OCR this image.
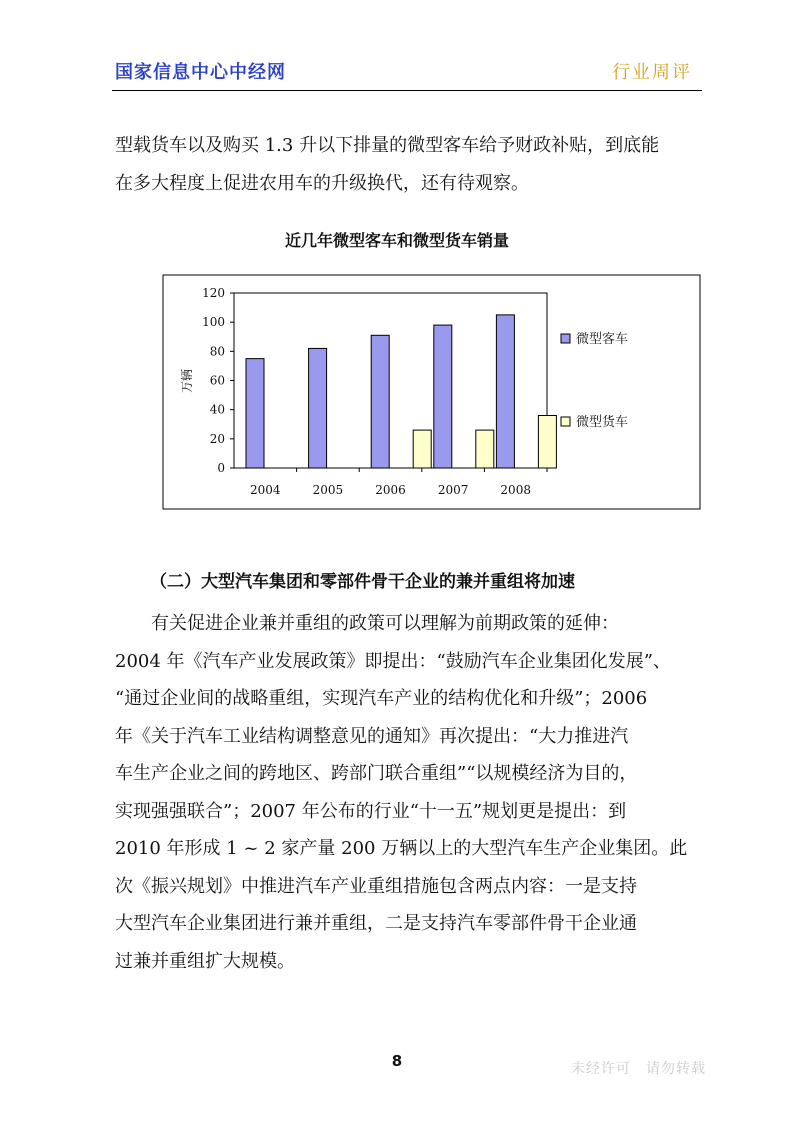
国家信息中心中经网	行业周评
型载货车以及购买 1.3 升以下排量的微型客车给予财政补贴，到底能
在多大程度上促进农用车的升级换代，还有待观察。
近几年微型客车和微型货车销量
0
20
40
60
80
100
120
万辆
2004	2005	2006	2007	2008
微型客车
微型货车
（二）大型汽车集团和零部件骨干企业的兼并重组将加速
有关促进企业兼并重组的政策可以理解为前期政策的延伸：
2004 年《汽车产业发展政策》即提出：“鼓励汽车企业集团化发展”、
“通过企业间的战略重组，实现汽车产业的结构优化和升级”；2006
年《关于汽车工业结构调整意见的通知》再次提出：“大力推进汽
车生产企业之间的跨地区、跨部门联合重组”“以规模经济为目的，
实现强强联合”；2007 年公布的行业“十一五”规划更是提出：到
2010 年形成 1 ~ 2 家产量 200 万辆以上的大型汽车生产企业集团。此
次《振兴规划》中推进汽车产业重组措施包含两点内容：一是支持
大型汽车企业集团进行兼并重组，二是支持汽车零部件骨干企业通
过兼并重组扩大规模。
8	未经许可　请勿转载
